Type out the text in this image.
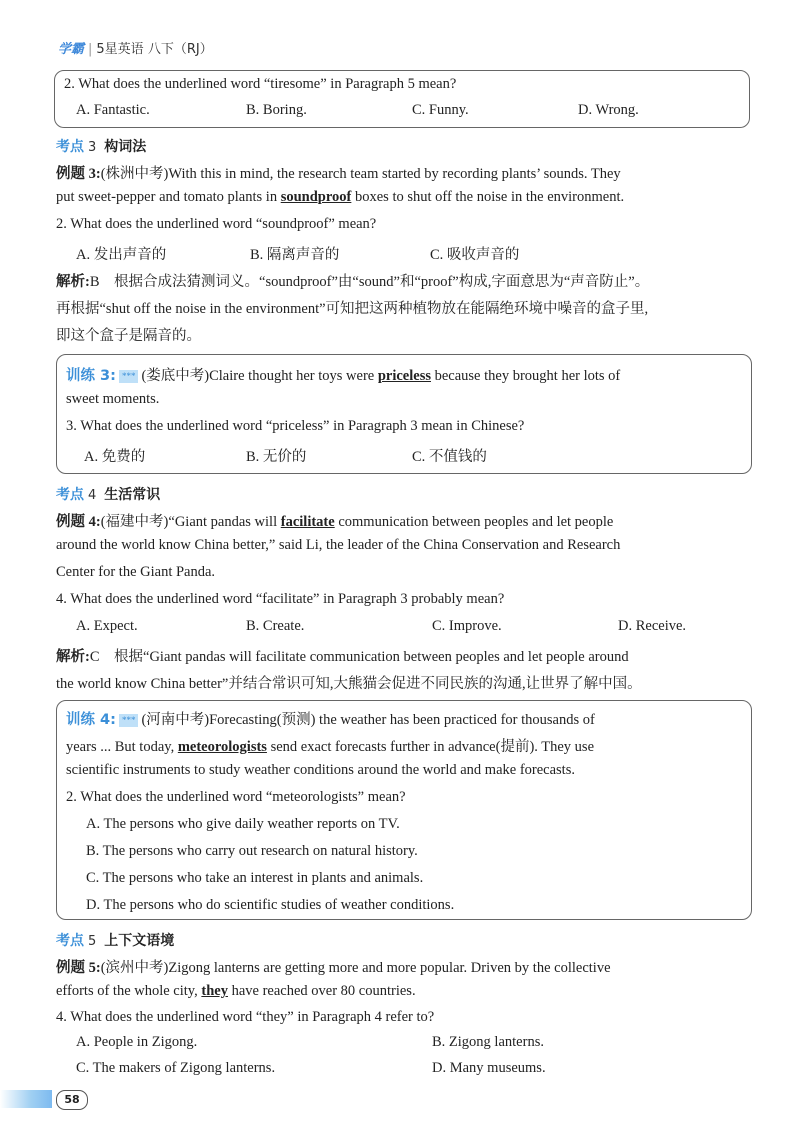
学霸 | 5星英语 八下（RJ）
2. What does the underlined word “tiresome” in Paragraph 5 mean?
A. Fantastic.	B. Boring.	C. Funny.	D. Wrong.
考点 3 构词法
例题 3:(株洲中考)With this in mind, the research team started by recording plants’ sounds. They
put sweet-pepper and tomato plants in soundproof boxes to shut off the noise in the environment.
2. What does the underlined word “soundproof” mean?
A. 发出声音的	B. 隔离声音的	C. 吸收声音的
解析:B　根据合成法猜测词义。“soundproof”由“sound”和“proof”构成,字面意思为“声音防止”。
再根据“shut off the noise in the environment”可知把这两种植物放在能隔绝环境中噪音的盒子里,
即这个盒子是隔音的。
训练 3: *** (娄底中考)Claire thought her toys were priceless because they brought her lots of
sweet moments.
3. What does the underlined word “priceless” in Paragraph 3 mean in Chinese?
A. 免费的	B. 无价的	C. 不值钱的
考点 4 生活常识
例题 4:(福建中考)“Giant pandas will facilitate communication between peoples and let people
around the world know China better,” said Li, the leader of the China Conservation and Research
Center for the Giant Panda.
4. What does the underlined word “facilitate” in Paragraph 3 probably mean?
A. Expect.	B. Create.	C. Improve.	D. Receive.
解析:C　根据“Giant pandas will facilitate communication between peoples and let people around
the world know China better”并结合常识可知,大熊猫会促进不同民族的沟通,让世界了解中国。
训练 4: *** (河南中考)Forecasting(预测) the weather has been practiced for thousands of
years ... But today, meteorologists send exact forecasts further in advance(提前). They use
scientific instruments to study weather conditions around the world and make forecasts.
2. What does the underlined word “meteorologists” mean?
A. The persons who give daily weather reports on TV.
B. The persons who carry out research on natural history.
C. The persons who take an interest in plants and animals.
D. The persons who do scientific studies of weather conditions.
考点 5 上下文语境
例题 5:(滨州中考)Zigong lanterns are getting more and more popular. Driven by the collective
efforts of the whole city, they have reached over 80 countries.
4. What does the underlined word “they” in Paragraph 4 refer to?
A. People in Zigong.	B. Zigong lanterns.
C. The makers of Zigong lanterns.	D. Many museums.
58
